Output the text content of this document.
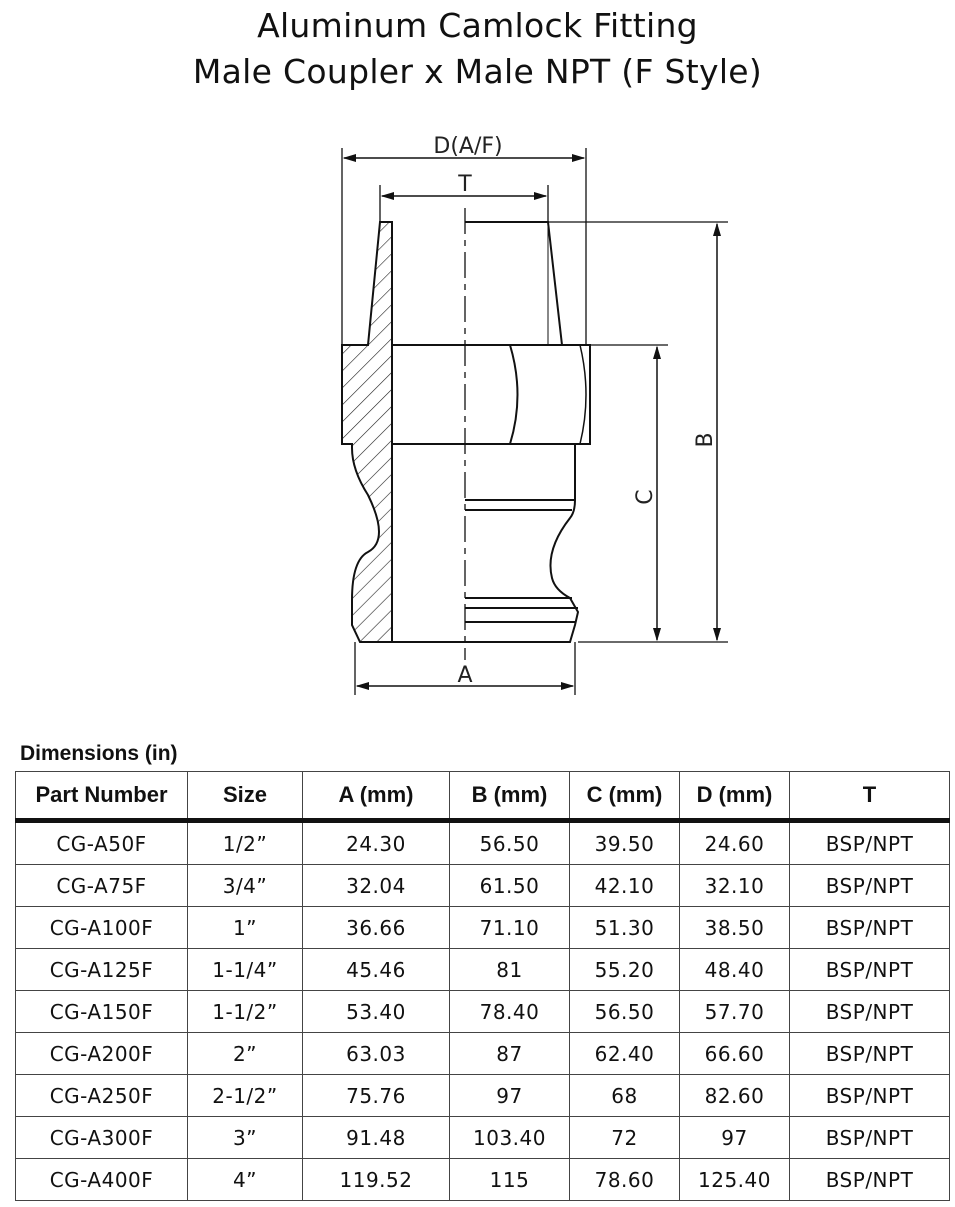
Aluminum Camlock Fitting
Male Coupler x Male NPT (F Style)
D(A/F)
T
B
C
A
Dimensions (in)
Part Number	Size	A (mm)	B (mm)	C (mm)	D (mm)	T
CG-A50F	1/2”	24.30	56.50	39.50	24.60	BSP/NPT
CG-A75F	3/4”	32.04	61.50	42.10	32.10	BSP/NPT
CG-A100F	1”	36.66	71.10	51.30	38.50	BSP/NPT
CG-A125F	1-1/4”	45.46	81	55.20	48.40	BSP/NPT
CG-A150F	1-1/2”	53.40	78.40	56.50	57.70	BSP/NPT
CG-A200F	2”	63.03	87	62.40	66.60	BSP/NPT
CG-A250F	2-1/2”	75.76	97	68	82.60	BSP/NPT
CG-A300F	3”	91.48	103.40	72	97	BSP/NPT
CG-A400F	4”	119.52	115	78.60	125.40	BSP/NPT
